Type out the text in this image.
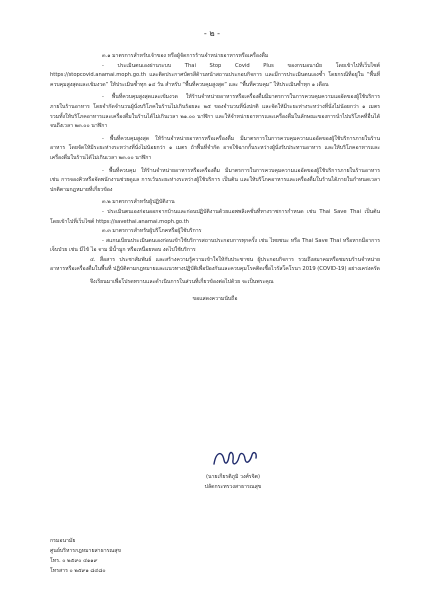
- ๒ -

๓.๑ มาตรการสำหรับเจ้าของ หรือผู้จัดการร้านจำหน่ายอาหารหรือเครื่องดื่ม

- ประเมินตนเองผ่านระบบ Thai Stop Covid Plus ของกรมอนามัย โดยเข้าไปที่เว็บไซต์ https://stopcovid.anamai.moph.go.th และติดประกาศบัตรสีด้านหน้าสถานประกอบกิจการ และมีการประเมินตนเองซ้ำ โดยกรณีที่อยู่ใน “พื้นที่ควบคุมสูงสุดและเข้มงวด” ให้ประเมินซ้ำทุก ๑๔ วัน สำหรับ “พื้นที่ควบคุมสูงสุด” และ “พื้นที่ควบคุม” ให้ประเมินซ้ำทุก ๑ เดือน

- พื้นที่ควบคุมสูงสุดและเข้มงวด ให้ร้านจำหน่ายอาหารหรือเครื่องดื่มมีมาตรการในการควบคุมความแออัดของผู้ใช้บริการภายในร้านอาหาร โดยจำกัดจำนวนผู้นั่งบริโภคในร้านไม่เกินร้อยละ ๒๕ ของจำนวนที่นั่งปกติ และจัดให้มีระยะห่างระหว่างที่นั่งไม่น้อยกว่า ๑ เมตร รวมทั้งให้บริโภคอาหารและเครื่องดื่มในร้านได้ไม่เกินเวลา ๒๑.๐๐ นาฬิกา และให้จำหน่ายอาหารและเครื่องดื่มในลักษณะของการนำไปบริโภคที่อื่นได้จนถึงเวลา ๒๓.๐๐ นาฬิกา

- พื้นที่ควบคุมสูงสุด ให้ร้านจำหน่ายอาหารหรือเครื่องดื่ม มีมาตรการในการควบคุมความแออัดของผู้ใช้บริการภายในร้านอาหาร โดยจัดให้มีระยะห่างระหว่างที่นั่งไม่น้อยกว่า ๑ เมตร ถ้าพื้นที่จำกัด อาจใช้ฉากกั้นระหว่างผู้นั่งรับประทานอาหาร และให้บริโภคอาหารและเครื่องดื่มในร้านได้ไม่เกินเวลา ๒๓.๐๐ นาฬิกา

- พื้นที่ควบคุม ให้ร้านจำหน่ายอาหารหรือเครื่องดื่ม มีมาตรการในการควบคุมความแออัดของผู้ใช้บริการภายในร้านอาหาร เช่น การจองคิวหรือจัดพนักงานช่วยดูแล การเว้นระยะห่างระหว่างผู้ใช้บริการ เป็นต้น และให้บริโภคอาหารและเครื่องดื่มในร้านได้ภายในกำหนดเวลาปกติตามกฎหมายที่เกี่ยวข้อง

๓.๒ มาตรการสำหรับผู้ปฏิบัติงาน

- ประเมินตนเองก่อนออกจากบ้านและก่อนปฏิบัติงานด้วยแอพพลิเคชั่นที่ทางราชการกำหนด เช่น Thai Save Thai เป็นต้น โดยเข้าไปที่เว็บไซต์ https://savethai.anamai.moph.go.th

๓.๓ มาตรการสำหรับผู้บริโภคหรือผู้ใช้บริการ

- สแกนเบียนประเมินตนเองก่อนเข้าใช้บริการสถานประกอบการทุกครั้ง เช่น ไทยชนะ หรือ Thai Save Thai หรือหากมีอาการเจ็บป่วย เช่น มีไข้ ไอ จาม มีน้ำมูก หรือเหนื่อยหอบ งดไปใช้บริการ

๔. สื่อสาร ประชาสัมพันธ์ และสร้างความรู้ความเข้าใจให้กับประชาชน ผู้ประกอบกิจการ รวมถึงสมาคมหรือชมรมร้านจำหน่ายอาหารหรือเครื่องดื่มในพื้นที่ ปฏิบัติตามกฎหมายและแนวทางปฏิบัติเพื่อป้องกันและควบคุมโรคติดเชื้อไวรัสโคโรนา 2019 (COVID-19) อย่างเคร่งครัด

จึงเรียนมาเพื่อโปรดทราบและดำเนินการในส่วนที่เกี่ยวข้องต่อไปด้วย จะเป็นพระคุณ

ขอแสดงความนับถือ

(นายเกียรติภูมิ วงศ์รจิต)
ปลัดกระทรวงสาธารณสุข
กรมอนามัย
ศูนย์บริหารกฎหมายสาธารณสุข
โทร. ๐ ๒๕๙๐ ๔๑๑๙
โทรสาร ๐ ๒๕๙๑ ๘๔๘๐
